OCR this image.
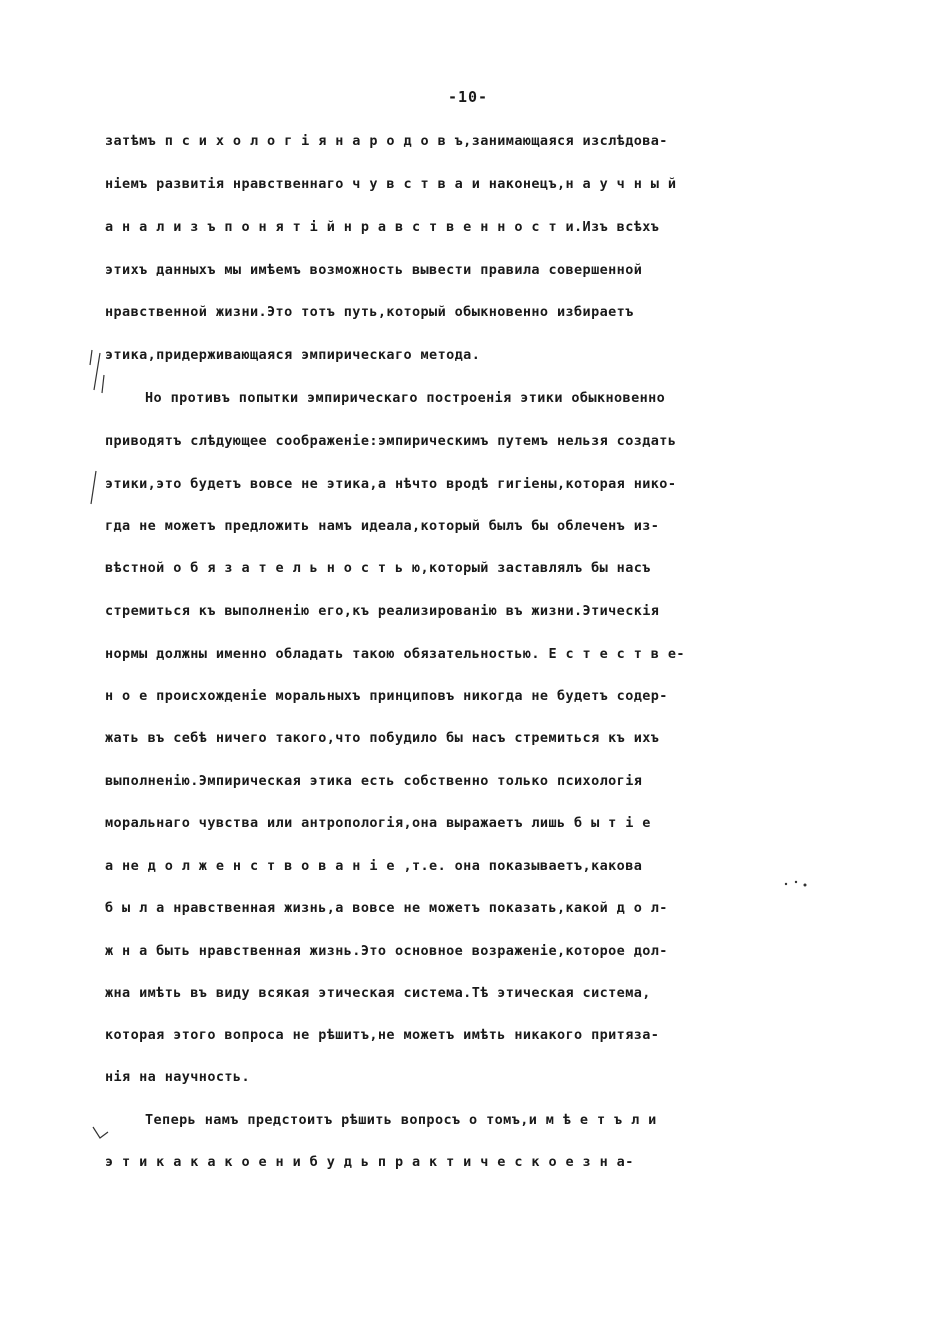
-10-
затѣмъ п с и х о л о г і я н а р о д о в ъ,занимающаяся изслѣдова-
ніемъ развитія нравственнаго ч у в с т в а и наконецъ,н а у ч н ы й
а н а л и з ъ п о н я т і й н р а в с т в е н н о с т и.Изъ всѣхъ
этихъ данныхъ мы имѣемъ возможность вывести правила совершенной
нравственной жизни.Это тотъ путь,который обыкновенно избираетъ
этика,придерживающаяся эмпирическаго метода.
Но противъ попытки эмпирическаго построенія этики обыкновенно
приводятъ слѣдующее соображеніе:эмпирическимъ путемъ нельзя создать
этики,это будетъ вовсе не этика,а нѣчто вродѣ гигіены,которая нико-
гда не можетъ предложить намъ идеала,который былъ бы облеченъ из-
вѣстной о б я з а т е л ь н о с т ь ю,который заставлялъ бы насъ
стремиться къ выполненію его,къ реализированію въ жизни.Этическія
нормы должны именно обладать такою обязательностью. Е с т е с т в е-
н о е происхожденіе моральныхъ принциповъ никогда не будетъ содер-
жать въ себѣ ничего такого,что побудило бы насъ стремиться къ ихъ
выполненію.Эмпирическая этика есть собственно только психологія
моральнаго чувства или антропологія,она выражаетъ лишь б ы т і е
а не д о л ж е н с т в о в а н і е ,т.е. она показываетъ,какова
б ы л а нравственная жизнь,а вовсе не можетъ показать,какой д о л-
ж н а быть нравственная жизнь.Это основное возраженіе,которое дол-
жна имѣть въ виду всякая этическая система.Тѣ этическая система,
которая этого вопроса не рѣшитъ,не можетъ имѣть никакого притяза-
нія на научность.
Теперь намъ предстоитъ рѣшить вопросъ о томъ,и м ѣ е т ъ л и
э т и к а к а к о е н и б у д ь п р а к т и ч е с к о е з н а-
